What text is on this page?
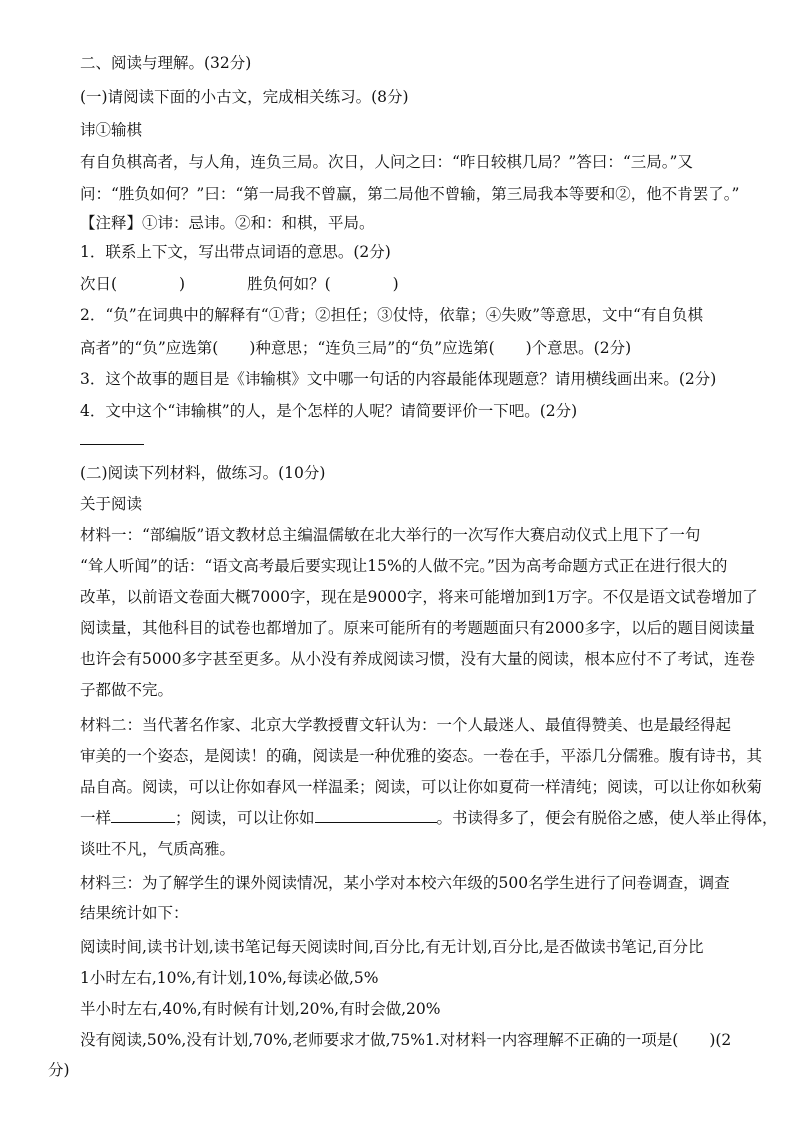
二、阅读与理解。(32分)
(一)请阅读下面的小古文，完成相关练习。(8分)
讳①输棋
有自负棋高者，与人角，连负三局。次日，人问之曰：“昨日较棋几局？”答曰：“三局。”又
问：“胜负如何？”曰：“第一局我不曾赢，第二局他不曾输，第三局我本等要和②，他不肯罢了。”
【注释】①讳：忌讳。②和：和棋，平局。
1．联系上下文，写出带点词语的意思。(2分)
次日(　　　　)　　　　胜负何如？(　　　　)
2．“负”在词典中的解释有“①背；②担任；③仗恃，依靠；④失败”等意思，文中“有自负棋
高者”的“负”应选第(　　)种意思；“连负三局”的“负”应选第(　　)个意思。(2分)
3．这个故事的题目是《讳输棋》文中哪一句话的内容最能体现题意？请用横线画出来。(2分)
4．文中这个“讳输棋”的人，是个怎样的人呢？请简要评价一下吧。(2分)
(二)阅读下列材料，做练习。(10分)
关于阅读
材料一：“部编版”语文教材总主编温儒敏在北大举行的一次写作大赛启动仪式上甩下了一句
“耸人听闻”的话：“语文高考最后要实现让15%的人做不完。”因为高考命题方式正在进行很大的
改革，以前语文卷面大概7000字，现在是9000字，将来可能增加到1万字。不仅是语文试卷增加了
阅读量，其他科目的试卷也都增加了。原来可能所有的考题题面只有2000多字，以后的题目阅读量
也许会有5000多字甚至更多。从小没有养成阅读习惯，没有大量的阅读，根本应付不了考试，连卷
子都做不完。
材料二：当代著名作家、北京大学教授曹文轩认为：一个人最迷人、最值得赞美、也是最经得起
审美的一个姿态，是阅读！的确，阅读是一种优雅的姿态。一卷在手，平添几分儒雅。腹有诗书，其
品自高。阅读，可以让你如春风一样温柔；阅读，可以让你如夏荷一样清纯；阅读，可以让你如秋菊
一样	；阅读，可以让你如	。书读得多了，便会有脱俗之感，使人举止得体，
谈吐不凡，气质高雅。
材料三：为了解学生的课外阅读情况，某小学对本校六年级的500名学生进行了问卷调查，调查
结果统计如下：
阅读时间,读书计划,读书笔记每天阅读时间,百分比,有无计划,百分比,是否做读书笔记,百分比
1小时左右,10%,有计划,10%,每读必做,5%
半小时左右,40%,有时候有计划,20%,有时会做,20%
没有阅读,50%,没有计划,70%,老师要求才做,75%1.对材料一内容理解不正确的一项是(　　)(2
分)
